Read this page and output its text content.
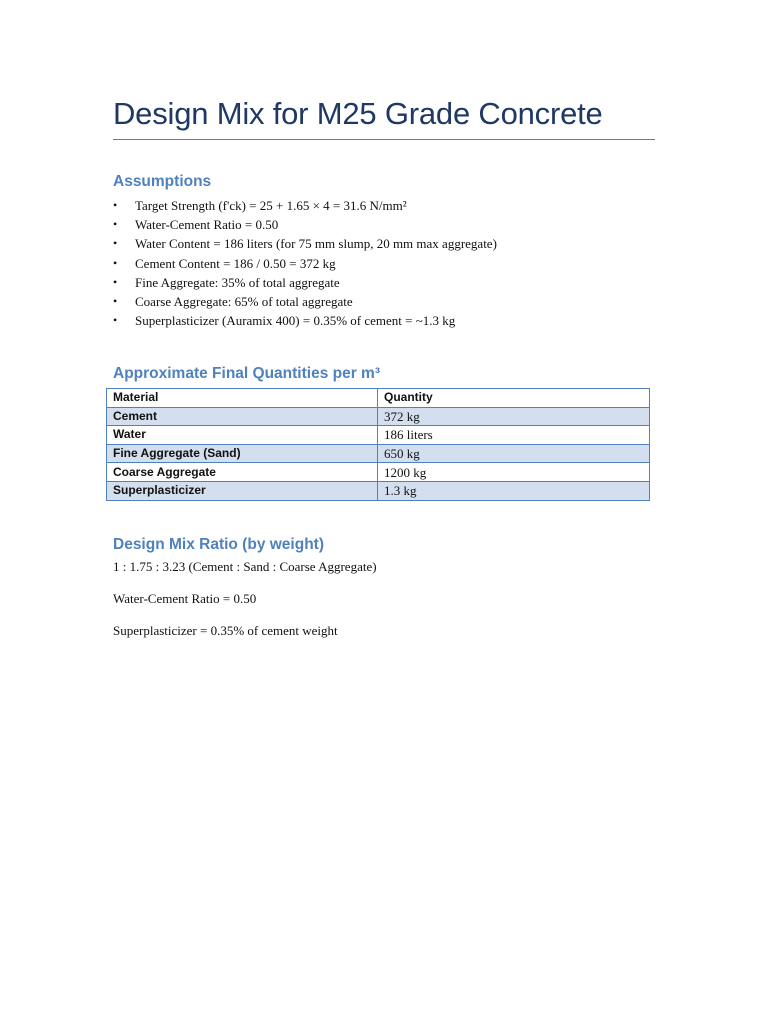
Design Mix for M25 Grade Concrete
Assumptions
• Target Strength (f'ck) = 25 + 1.65 × 4 = 31.6 N/mm²
• Water-Cement Ratio = 0.50
• Water Content = 186 liters (for 75 mm slump, 20 mm max aggregate)
• Cement Content = 186 / 0.50 = 372 kg
• Fine Aggregate: 35% of total aggregate
• Coarse Aggregate: 65% of total aggregate
• Superplasticizer (Auramix 400) = 0.35% of cement = ~1.3 kg
Approximate Final Quantities per m³
Material	Quantity
Cement	372 kg
Water	186 liters
Fine Aggregate (Sand)	650 kg
Coarse Aggregate	1200 kg
Superplasticizer	1.3 kg
Design Mix Ratio (by weight)

1 : 1.75 : 3.23 (Cement : Sand : Coarse Aggregate)

Water-Cement Ratio = 0.50

Superplasticizer = 0.35% of cement weight
